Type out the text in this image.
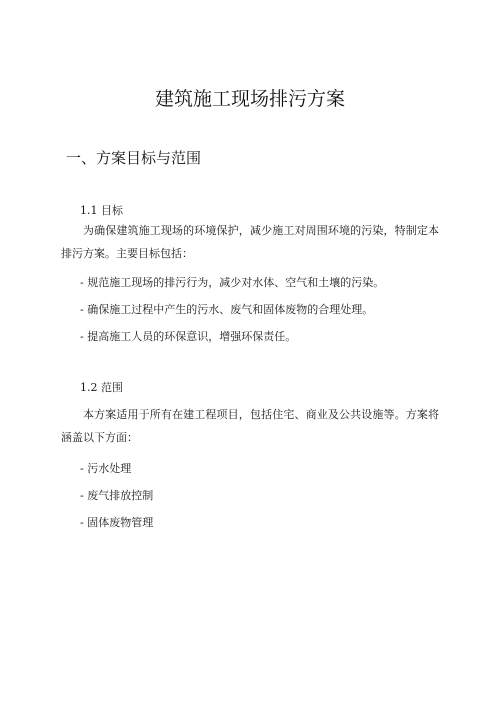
建筑施工现场排污方案
一、方案目标与范围
1.1 目标

为确保建筑施工现场的环境保护，减少施工对周围环境的污染，特制定本排污方案。主要目标包括：

- 规范施工现场的排污行为，减少对水体、空气和土壤的污染。

- 确保施工过程中产生的污水、废气和固体废物的合理处理。

- 提高施工人员的环保意识，增强环保责任。

1.2 范围

本方案适用于所有在建工程项目，包括住宅、商业及公共设施等。方案将涵盖以下方面：

- 污水处理

- 废气排放控制

- 固体废物管理
